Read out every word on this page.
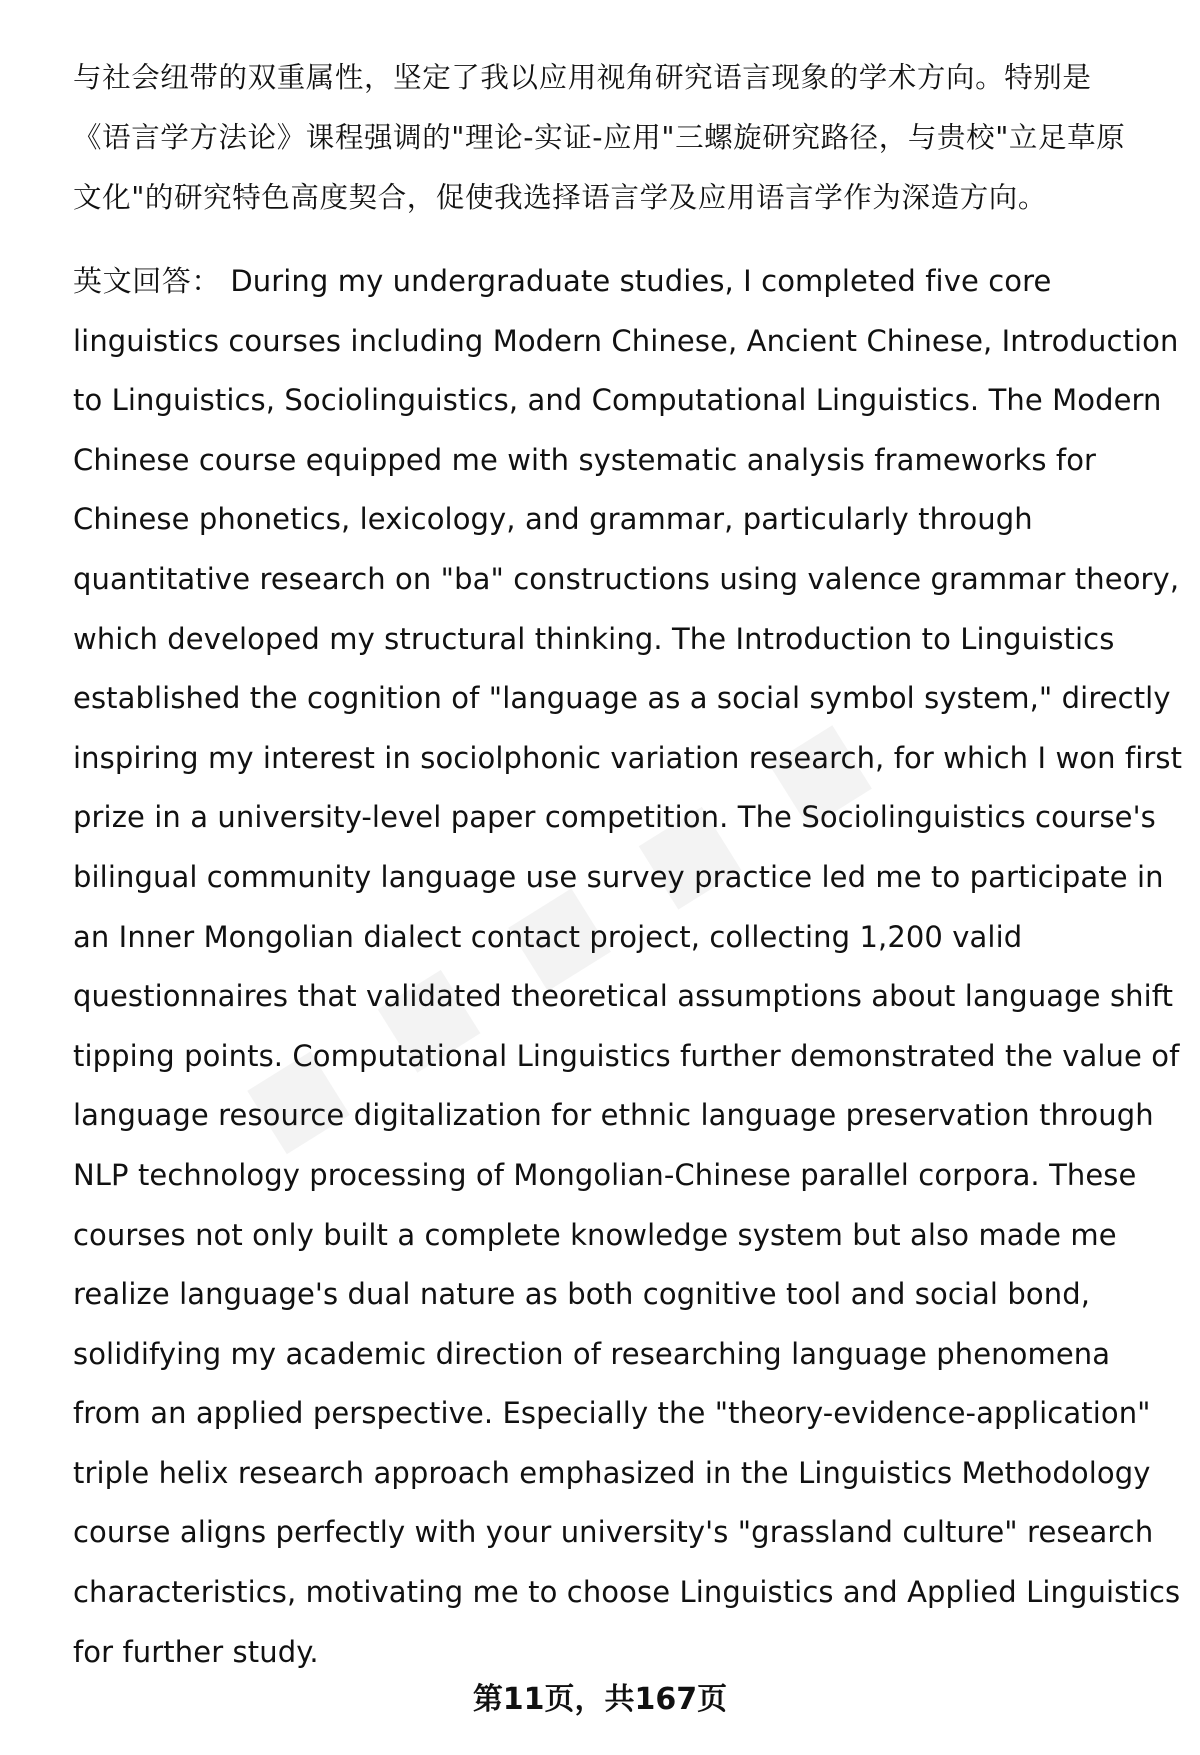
与社会纽带的双重属性，坚定了我以应用视角研究语言现象的学术方向。特别是
《语言学方法论》课程强调的"理论-实证-应用"三螺旋研究路径，与贵校"立足草原
文化"的研究特色高度契合，促使我选择语言学及应用语言学作为深造方向。

英文回答： During my undergraduate studies, I completed five core
linguistics courses including Modern Chinese, Ancient Chinese, Introduction
to Linguistics, Sociolinguistics, and Computational Linguistics. The Modern
Chinese course equipped me with systematic analysis frameworks for
Chinese phonetics, lexicology, and grammar, particularly through
quantitative research on "ba" constructions using valence grammar theory,
which developed my structural thinking. The Introduction to Linguistics
established the cognition of "language as a social symbol system," directly
inspiring my interest in sociolphonic variation research, for which I won first
prize in a university-level paper competition. The Sociolinguistics course's
bilingual community language use survey practice led me to participate in
an Inner Mongolian dialect contact project, collecting 1,200 valid
questionnaires that validated theoretical assumptions about language shift
tipping points. Computational Linguistics further demonstrated the value of
language resource digitalization for ethnic language preservation through
NLP technology processing of Mongolian-Chinese parallel corpora. These
courses not only built a complete knowledge system but also made me
realize language's dual nature as both cognitive tool and social bond,
solidifying my academic direction of researching language phenomena
from an applied perspective. Especially the "theory-evidence-application"
triple helix research approach emphasized in the Linguistics Methodology
course aligns perfectly with your university's "grassland culture" research
characteristics, motivating me to choose Linguistics and Applied Linguistics
for further study.

第11页，共167页
